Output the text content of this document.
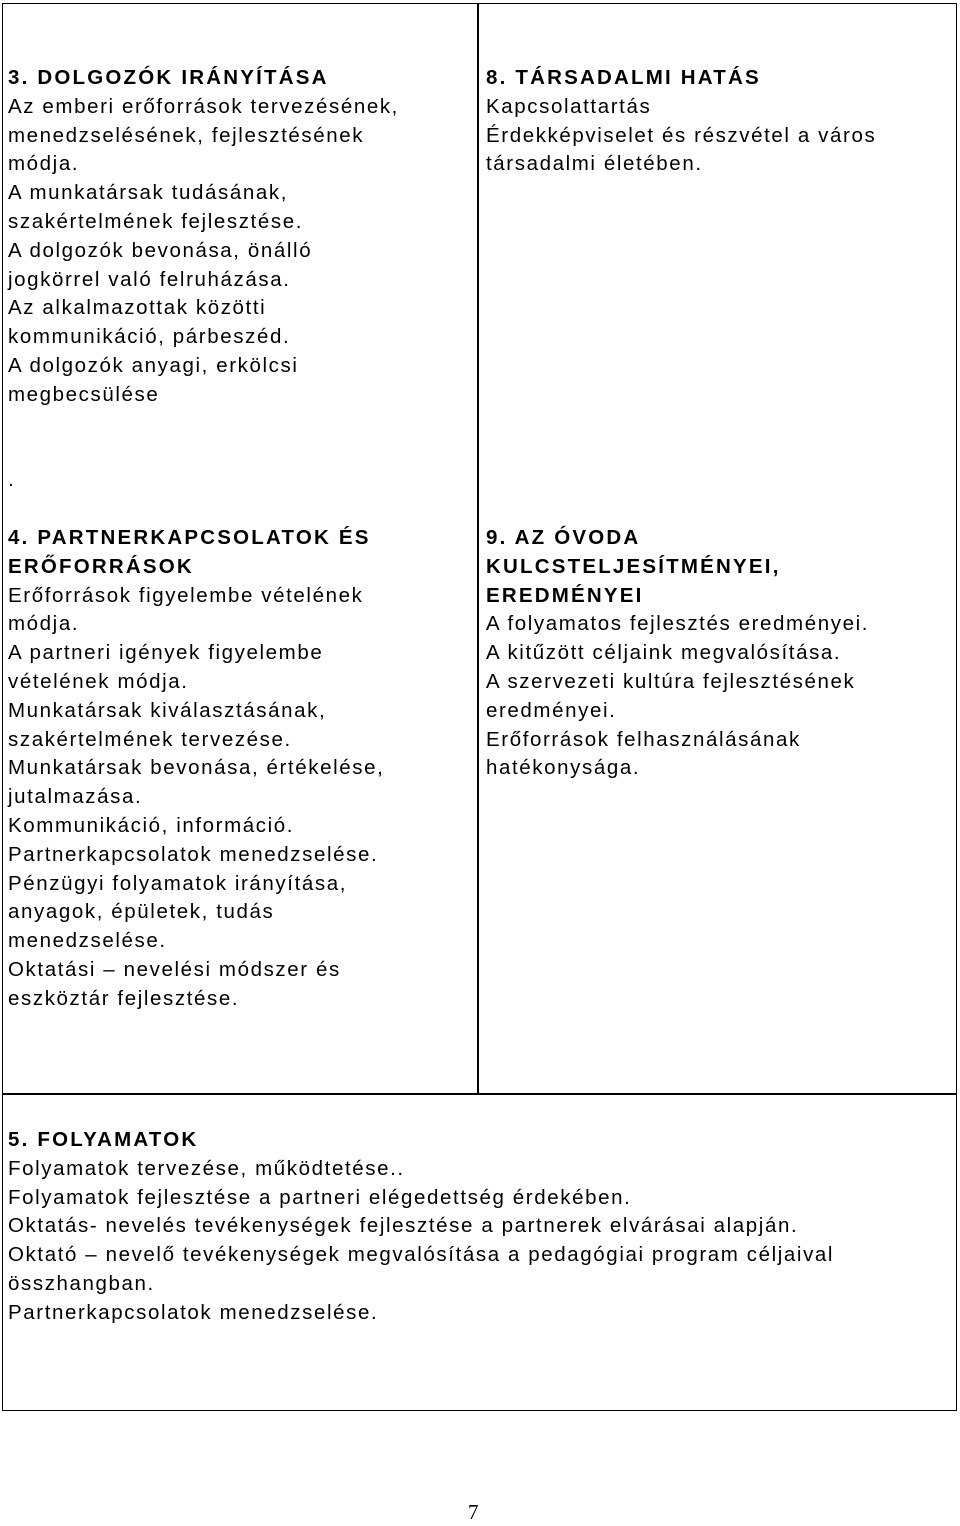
3. DOLGOZÓK IRÁNYÍTÁSA
Az emberi erőforrások tervezésének,
menedzselésének, fejlesztésének
módja.
A munkatársak tudásának,
szakértelmének fejlesztése.
A dolgozók bevonása, önálló
jogkörrel való felruházása.
Az alkalmazottak közötti
kommunikáció, párbeszéd.
A dolgozók anyagi, erkölcsi
megbecsülése
.
8. TÁRSADALMI HATÁS
Kapcsolattartás
Érdekképviselet és részvétel a város
társadalmi életében.
4. PARTNERKAPCSOLATOK ÉS
ERŐFORRÁSOK
Erőforrások figyelembe vételének
módja.
A partneri igények figyelembe
vételének módja.
Munkatársak kiválasztásának,
szakértelmének tervezése.
Munkatársak bevonása, értékelése,
jutalmazása.
Kommunikáció, információ.
Partnerkapcsolatok menedzselése.
Pénzügyi folyamatok irányítása,
anyagok, épületek, tudás
menedzselése.
Oktatási – nevelési módszer és
eszköztár fejlesztése.
9. AZ ÓVODA
KULCSTELJESÍTMÉNYEI,
EREDMÉNYEI
A folyamatos fejlesztés eredményei.
A kitűzött céljaink megvalósítása.
A szervezeti kultúra fejlesztésének
eredményei.
Erőforrások felhasználásának
hatékonysága.
5. FOLYAMATOK
Folyamatok tervezése, működtetése..
Folyamatok fejlesztése a partneri elégedettség érdekében.
Oktatás- nevelés tevékenységek fejlesztése a partnerek elvárásai alapján.
Oktató – nevelő tevékenységek megvalósítása a pedagógiai program céljaival
összhangban.
Partnerkapcsolatok menedzselése.
7
